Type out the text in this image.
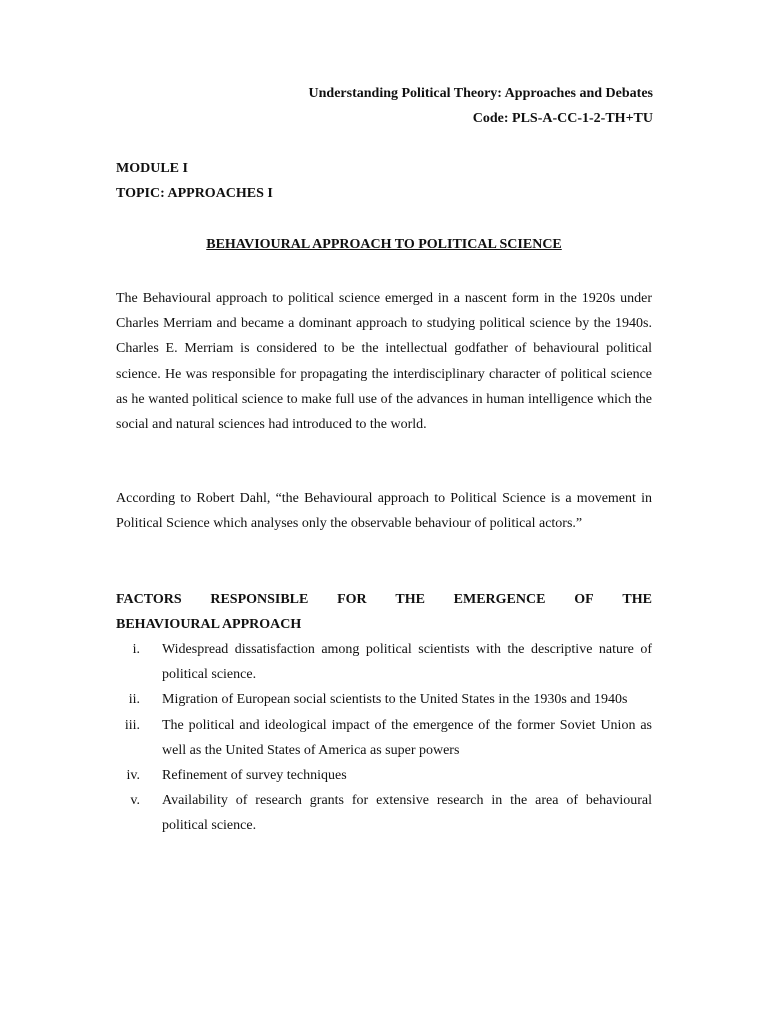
Understanding Political Theory: Approaches and Debates

Code: PLS-A-CC-1-2-TH+TU

MODULE I

TOPIC: APPROACHES I

BEHAVIOURAL APPROACH TO POLITICAL SCIENCE

The Behavioural approach to political science emerged in a nascent form in the 1920s under Charles Merriam and became a dominant approach to studying political science by the 1940s. Charles E. Merriam is considered to be the intellectual godfather of behavioural political science. He was responsible for propagating the interdisciplinary character of political science as he wanted political science to make full use of the advances in human intelligence which the social and natural sciences had introduced to the world.

According to Robert Dahl, “the Behavioural approach to Political Science is a movement in Political Science which analyses only the observable behaviour of political actors.”

FACTORS RESPONSIBLE FOR THE EMERGENCE OF THE
BEHAVIOURAL APPROACH
i. Widespread dissatisfaction among political scientists with the descriptive nature of political science.
ii. Migration of European social scientists to the United States in the 1930s and 1940s
iii. The political and ideological impact of the emergence of the former Soviet Union as well as the United States of America as super powers
iv. Refinement of survey techniques
v. Availability of research grants for extensive research in the area of behavioural political science.
